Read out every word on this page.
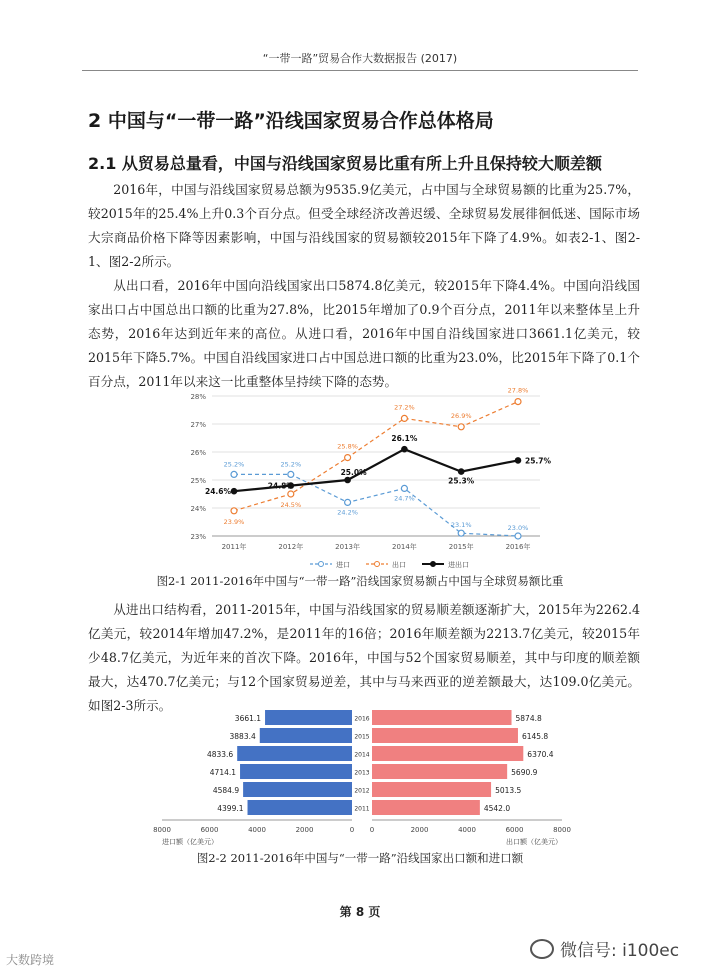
“一带一路”贸易合作大数据报告 (2017)
2 中国与“一带一路”沿线国家贸易合作总体格局
2.1 从贸易总量看，中国与沿线国家贸易比重有所上升且保持较大顺差额

2016年，中国与沿线国家贸易总额为9535.9亿美元，占中国与全球贸易额的比重为25.7%，较2015年的25.4%上升0.3个百分点。但受全球经济改善迟缓、全球贸易发展徘徊低迷、国际市场大宗商品价格下降等因素影响，中国与沿线国家的贸易额较2015年下降了4.9%。如表2-1、图2-1、图2-2所示。

从出口看，2016年中国向沿线国家出口5874.8亿美元，较2015年下降4.4%。中国向沿线国家出口占中国总出口额的比重为27.8%，比2015年增加了0.9个百分点，2011年以来整体呈上升态势，2016年达到近年来的高位。从进口看，2016年中国自沿线国家进口3661.1亿美元，较2015年下降5.7%。中国自沿线国家进口占中国总进口额的比重为23.0%，比2015年下降了0.1个百分点，2011年以来这一比重整体呈持续下降的态势。

23%
24%
25%
26%
27%
28%
2011年	2012年	2013年	2014年	2015年	2016年
25.2%	25.2%
24.2%
24.7%
23.1%	23.0%
23.9%
24.5%
25.8%
27.2%
26.9%
27.8%
24.6%
24.8%
25.0%
26.1%
25.3%
25.7%
进口	出口	进出口
图2-1 2011-2016年中国与“一带一路”沿线国家贸易额占中国与全球贸易额比重

从进出口结构看，2011-2015年，中国与沿线国家的贸易顺差额逐渐扩大，2015年为2262.4亿美元，较2014年增加47.2%，是2011年的16倍；2016年顺差额为2213.7亿美元，较2015年少48.7亿美元，为近年来的首次下降。2016年，中国与52个国家贸易顺差，其中与印度的顺差额最大，达470.7亿美元；与12个国家贸易逆差，其中与马来西亚的逆差额最大，达109.0亿美元。如图2-3所示。

3661.1	5874.8
2016
3883.4	6145.8
2015
4833.6	6370.4
2014
4714.1	5690.9
2013
4584.9	5013.5
2012
4399.1	4542.0
2011
8000	6000	4000	2000	0 0	2000	4000	6000	8000
进口额（亿美元）	出口额（亿美元）
图2-2 2011-2016年中国与“一带一路”沿线国家出口额和进口额
第 8 页
大数跨境	微信号: i100ec
